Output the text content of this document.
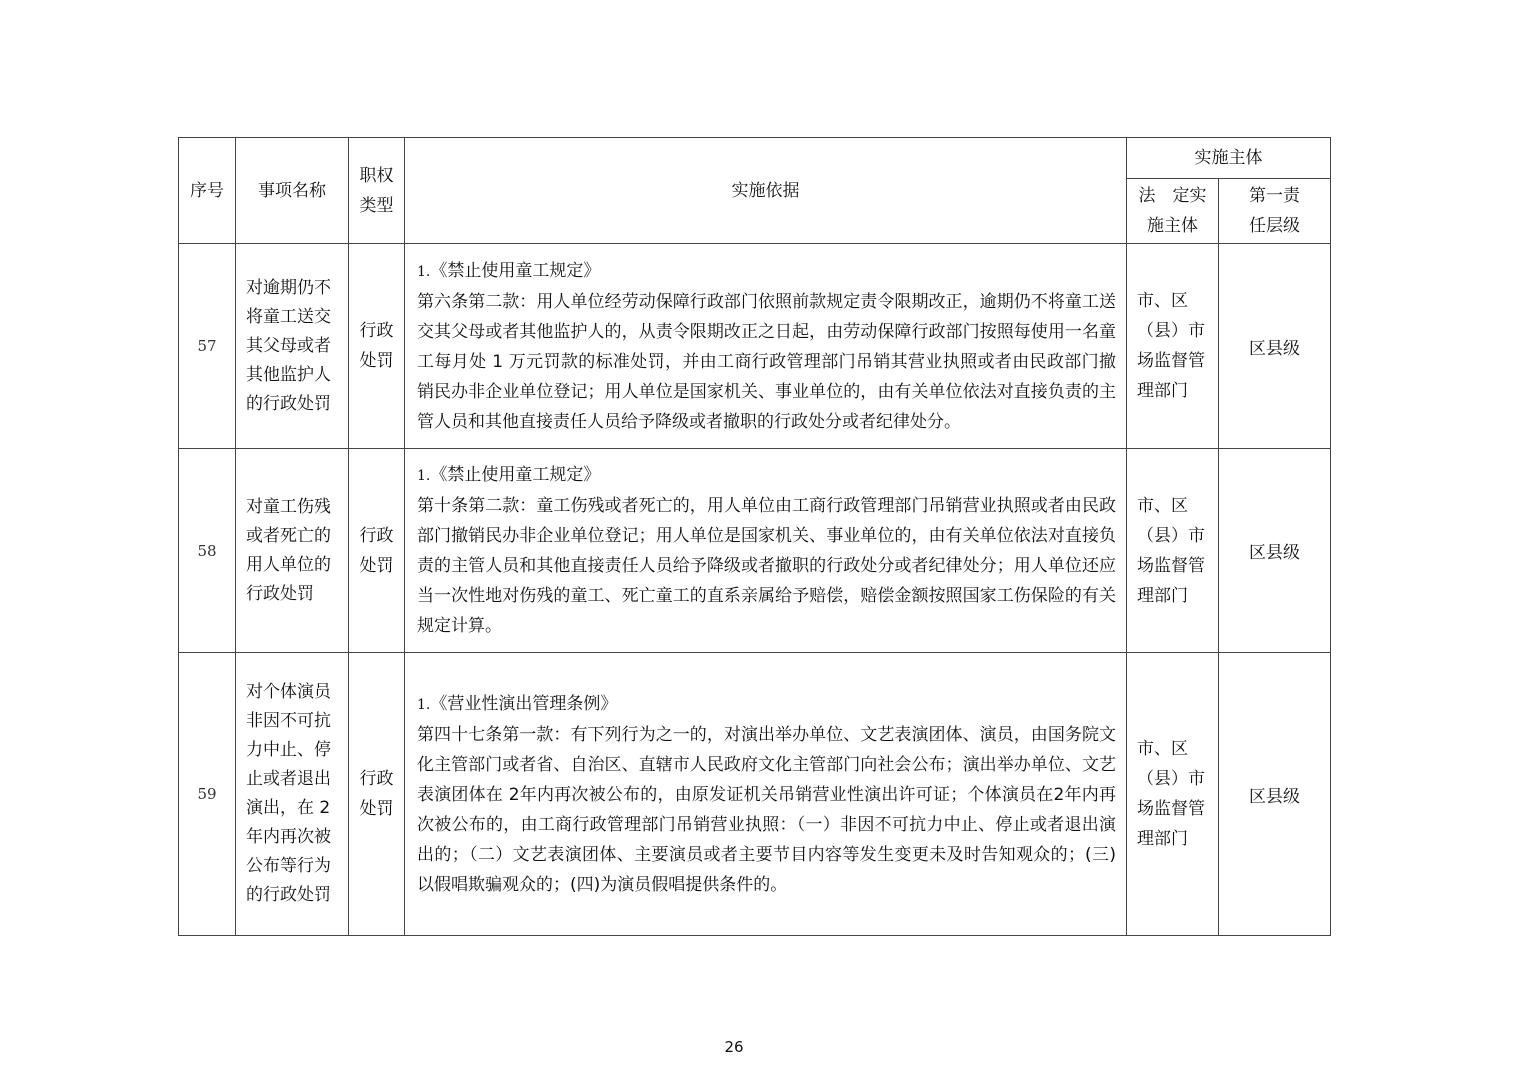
序号	事项名称	职权类型	实施依据	实施主体	
				法　定实施主体	第一责任层级
57	对逾期仍不将童工送交其父母或者其他监护人的行政处罚	行政处罚	1.《禁止使用童工规定》
第六条第二款：用人单位经劳动保障行政部门依照前款规定责令限期改正，逾期仍不将童工送交其父母或者其他监护人的，从责令限期改正之日起，由劳动保障行政部门按照每使用一名童工每月处 1 万元罚款的标准处罚，并由工商行政管理部门吊销其营业执照或者由民政部门撤销民办非企业单位登记；用人单位是国家机关、事业单位的，由有关单位依法对直接负责的主管人员和其他直接责任人员给予降级或者撤职的行政处分或者纪律处分。	市、区（县）市场监督管理部门	区县级
58	对童工伤残或者死亡的用人单位的行政处罚	行政处罚	1.《禁止使用童工规定》
第十条第二款：童工伤残或者死亡的，用人单位由工商行政管理部门吊销营业执照或者由民政部门撤销民办非企业单位登记；用人单位是国家机关、事业单位的，由有关单位依法对直接负责的主管人员和其他直接责任人员给予降级或者撤职的行政处分或者纪律处分；用人单位还应当一次性地对伤残的童工、死亡童工的直系亲属给予赔偿，赔偿金额按照国家工伤保险的有关规定计算。	市、区（县）市场监督管理部门	区县级
59	对个体演员非因不可抗力中止、停止或者退出演出，在 2 年内再次被公布等行为的行政处罚	行政处罚	1.《营业性演出管理条例》
第四十七条第一款：有下列行为之一的，对演出举办单位、文艺表演团体、演员，由国务院文化主管部门或者省、自治区、直辖市人民政府文化主管部门向社会公布；演出举办单位、文艺表演团体在 2年内再次被公布的，由原发证机关吊销营业性演出许可证；个体演员在2年内再次被公布的，由工商行政管理部门吊销营业执照：（一）非因不可抗力中止、停止或者退出演出的；（二）文艺表演团体、主要演员或者主要节目内容等发生变更未及时告知观众的；(三)以假唱欺骗观众的；(四)为演员假唱提供条件的。	市、区（县）市场监督管理部门	区县级
26
